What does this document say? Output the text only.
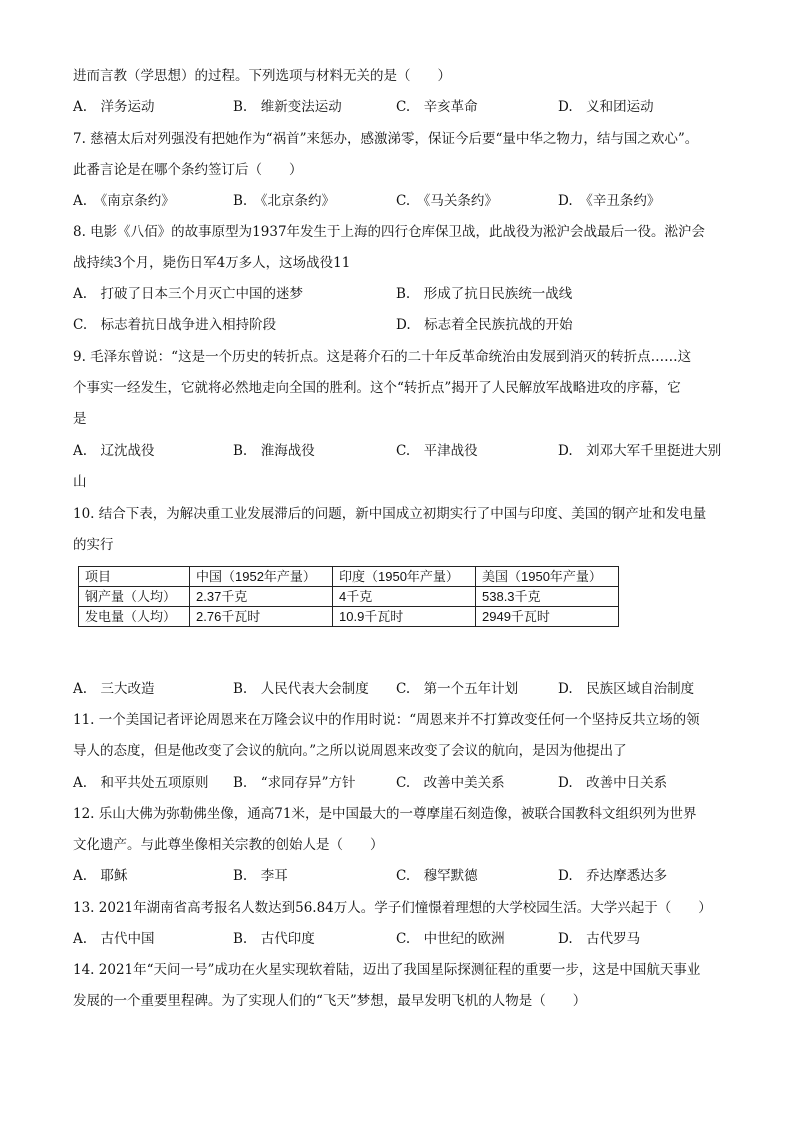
进而言教（学思想）的过程。下列选项与材料无关的是（　　）
A.　洋务运动	B.　维新变法运动	C.　辛亥革命	D.　义和团运动
7. 慈禧太后对列强没有把她作为“祸首”来惩办，感激涕零，保证今后要“量中华之物力，结与国之欢心”。
此番言论是在哪个条约签订后（　　）
A.　《南京条约》	B.　《北京条约》	C.　《马关条约》	D.　《辛丑条约》
8. 电影《八佰》的故事原型为1937年发生于上海的四行仓库保卫战，此战役为淞沪会战最后一役。淞沪会
战持续3个月，毙伤日军4万多人，这场战役11
A.　打破了日本三个月灭亡中国的迷梦	B.　形成了抗日民族统一战线
C.　标志着抗日战争进入相持阶段	D.　标志着全民族抗战的开始
9. 毛泽东曾说：“这是一个历史的转折点。这是蒋介石的二十年反革命统治由发展到消灭的转折点……这
个事实一经发生，它就将必然地走向全国的胜利。这个“转折点”揭开了人民解放军战略进攻的序幕，它
是
A.　辽沈战役	B.　淮海战役	C.　平津战役	D.　刘邓大军千里挺进大别
山
10. 结合下表，为解决重工业发展滞后的问题，新中国成立初期实行了中国与印度、美国的钢产址和发电量
的实行
项目	中国（1952年产量）	印度（1950年产量）	美国（1950年产量）
钢产量（人均）	2.37千克	4千克	538.3千克
发电量（人均）	2.76千瓦时	10.9千瓦时	2949千瓦时
A.　三大改造	B.　人民代表大会制度 C.　第一个五年计划	D.　民族区域自治制度
11. 一个美国记者评论周恩来在万隆会议中的作用时说：“周恩来并不打算改变任何一个坚持反共立场的领
导人的态度，但是他改变了会议的航向。”之所以说周恩来改变了会议的航向，是因为他提出了
A.　和平共处五项原则 B.　“求同存异”方针	C.　改善中美关系	D.　改善中日关系
12. 乐山大佛为弥勒佛坐像，通高71米，是中国最大的一尊摩崖石刻造像，被联合国教科文组织列为世界
文化遗产。与此尊坐像相关宗教的创始人是（　　）
A.　耶稣	B.　李耳	C.　穆罕默德	D.　乔达摩悉达多
13. 2021年湖南省高考报名人数达到56.84万人。学子们憧憬着理想的大学校园生活。大学兴起于（　　）
A.　古代中国	B.　古代印度	C.　中世纪的欧洲	D.　古代罗马
14. 2021年“天问一号”成功在火星实现软着陆，迈出了我国星际探测征程的重要一步，这是中国航天事业
发展的一个重要里程碑。为了实现人们的“飞天”梦想，最早发明飞机的人物是（　　）
